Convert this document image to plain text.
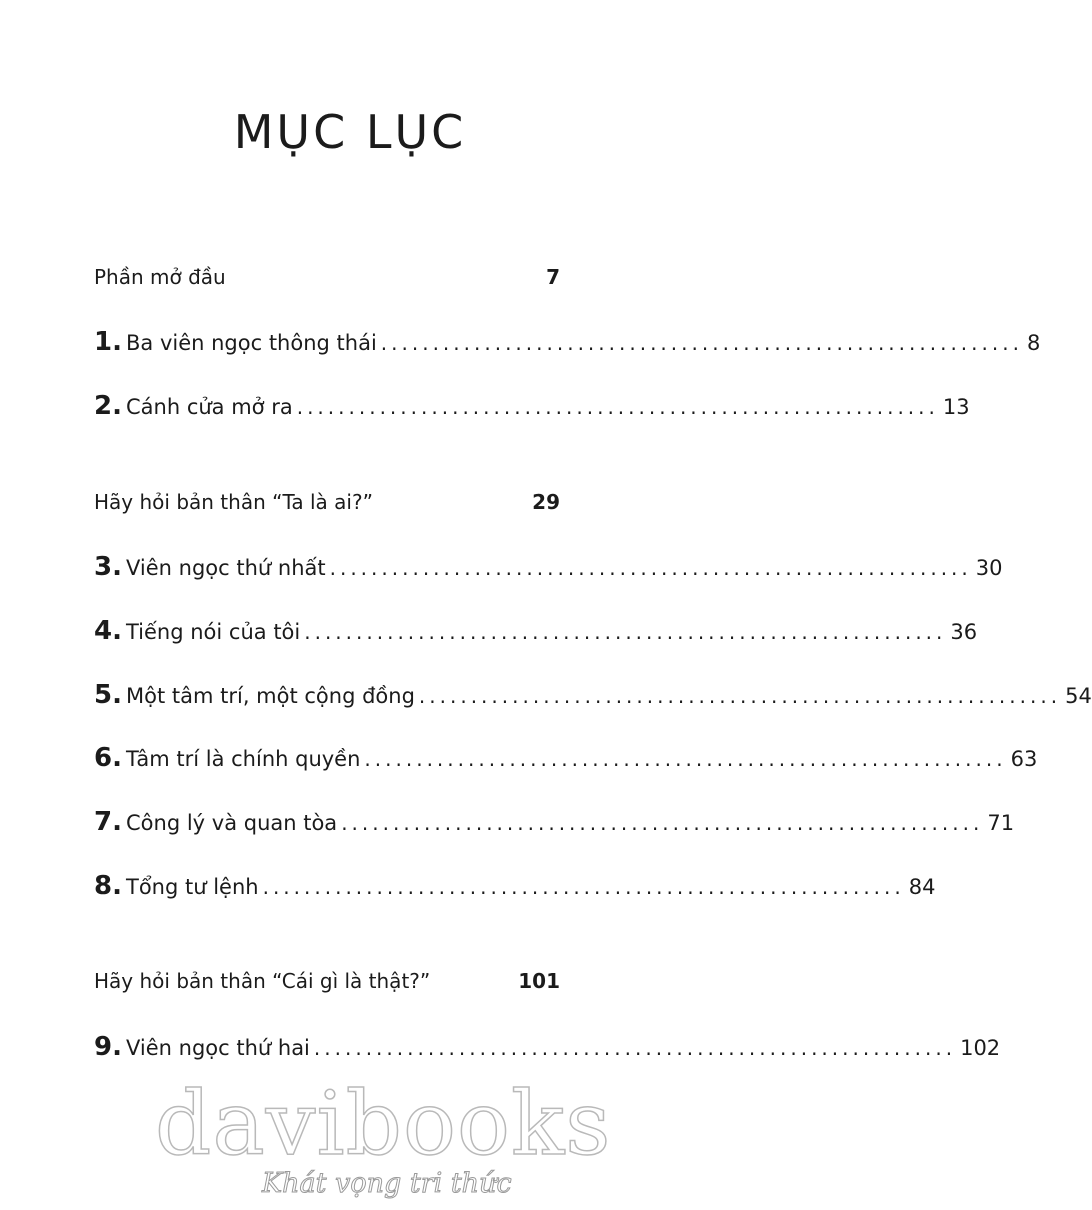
MỤC LỤC
Phần mở đầu	7
1. Ba viên ngọc thông thái .............................................................. 8
2. Cánh cửa mở ra .............................................................. 13
Hãy hỏi bản thân “Ta là ai?”	29
3. Viên ngọc thứ nhất .............................................................. 30
4. Tiếng nói của tôi .............................................................. 36
5. Một tâm trí, một cộng đồng .............................................................. 54
6. Tâm trí là chính quyền .............................................................. 63
7. Công lý và quan tòa .............................................................. 71
8. Tổng tư lệnh .............................................................. 84
Hãy hỏi bản thân “Cái gì là thật?”	101
9. Viên ngọc thứ hai .............................................................. 102
davibooks
Khát vọng tri thức
